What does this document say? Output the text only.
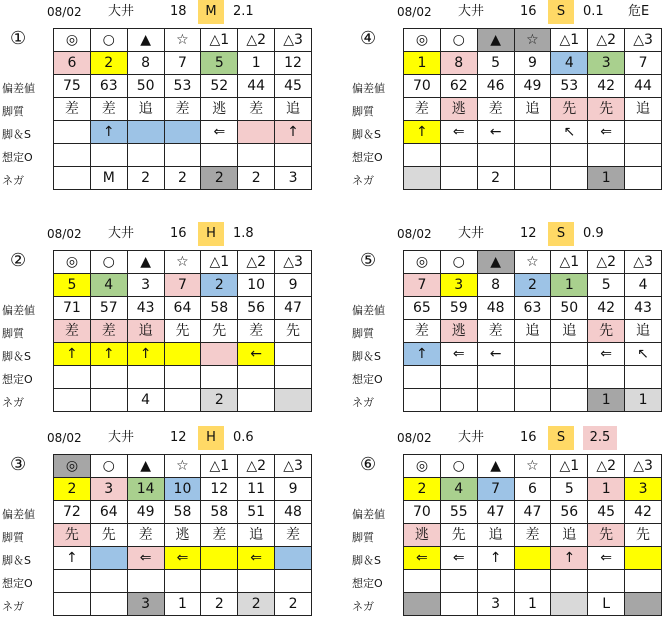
08/02 大井	18	M	2.1
①
偏差値
脚質
脚＆S
想定O
ネガ
◎	○	▲	☆	△1	△2	△3
6	2	8	7	5	1	12
75	63	50	53	52	44	45
差	差	追	差	逃	差	追
	↑			⇐		↑

	M	2	2	2	2	3
08/02 大井	16	S	0.1 危E
④
偏差値
脚質
脚＆S
想定O
ネガ
◎	○	▲	☆	△1	△2	△3
1	8	5	9	4	3	7
70	62	46	49	53	42	44
差	逃	差	追	先	先	追
↑	⇐	←		↖	⇐	

		2			1	
08/02 大井	16	H	1.8
②
偏差値
脚質
脚＆S
想定O
ネガ
◎	○	▲	☆	△1	△2	△3
5	4	3	7	2	10	9
71	57	43	64	58	56	47
差	差	追	先	先	差	先
↑	↑	↑			←	

		4		2		
08/02 大井	12	S	0.9
⑤
偏差値
脚質
脚＆S
想定O
ネガ
◎	○	▲	☆	△1	△2	△3
7	3	8	2	1	5	4
65	59	48	63	50	42	43
差	逃	差	追	追	先	追
↑	⇐	←			⇐	↖

					1	1
08/02 大井	12	H	0.6
③
偏差値
脚質
脚＆S
想定O
ネガ
◎	○	▲	☆	△1	△2	△3
2	3	14	10	12	11	9
72	64	49	58	58	51	48
先	先	差	逃	差	追	差
↑		⇐	⇐		⇐	

		3	1	2	2	2
08/02 大井	16	S	2.5
⑥
偏差値
脚質
脚＆S
想定O
ネガ
◎	○	▲	☆	△1	△2	△3
2	4	7	6	5	1	3
70	55	47	47	56	45	42
逃	先	追	差	追	先	先
⇐	⇐	↑		↑	⇐	

		3	1		L	
